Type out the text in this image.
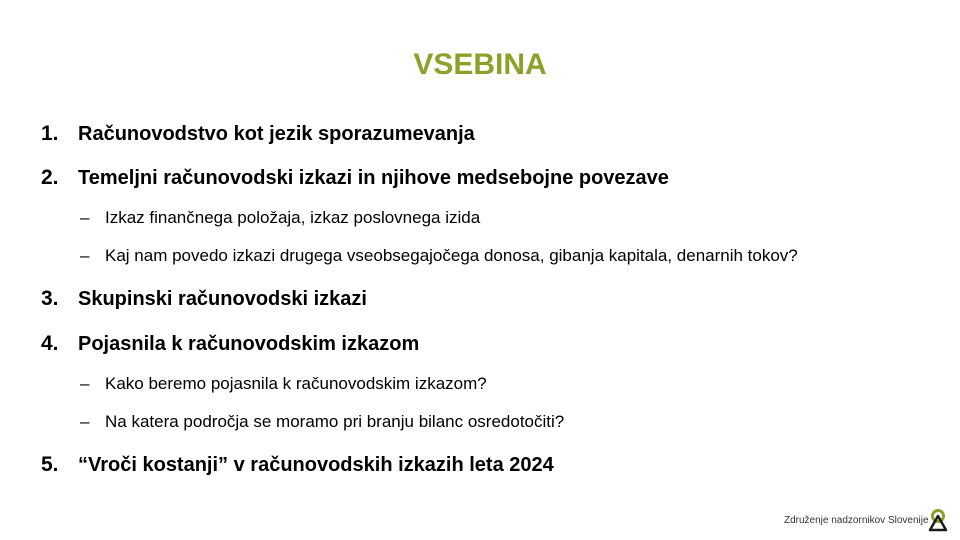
VSEBINA
1. Računovodstvo kot jezik sporazumevanja
2. Temeljni računovodski izkazi in njihove medsebojne povezave
– Izkaz finančnega položaja, izkaz poslovnega izida
– Kaj nam povedo izkazi drugega vseobsegajočega donosa, gibanja kapitala, denarnih tokov?
3. Skupinski računovodski izkazi
4. Pojasnila k računovodskim izkazom
– Kako beremo pojasnila k računovodskim izkazom?
– Na katera področja se moramo pri branju bilanc osredotočiti?
5. “Vroči kostanji” v računovodskih izkazih leta 2024
Združenje nadzornikov Slovenije
